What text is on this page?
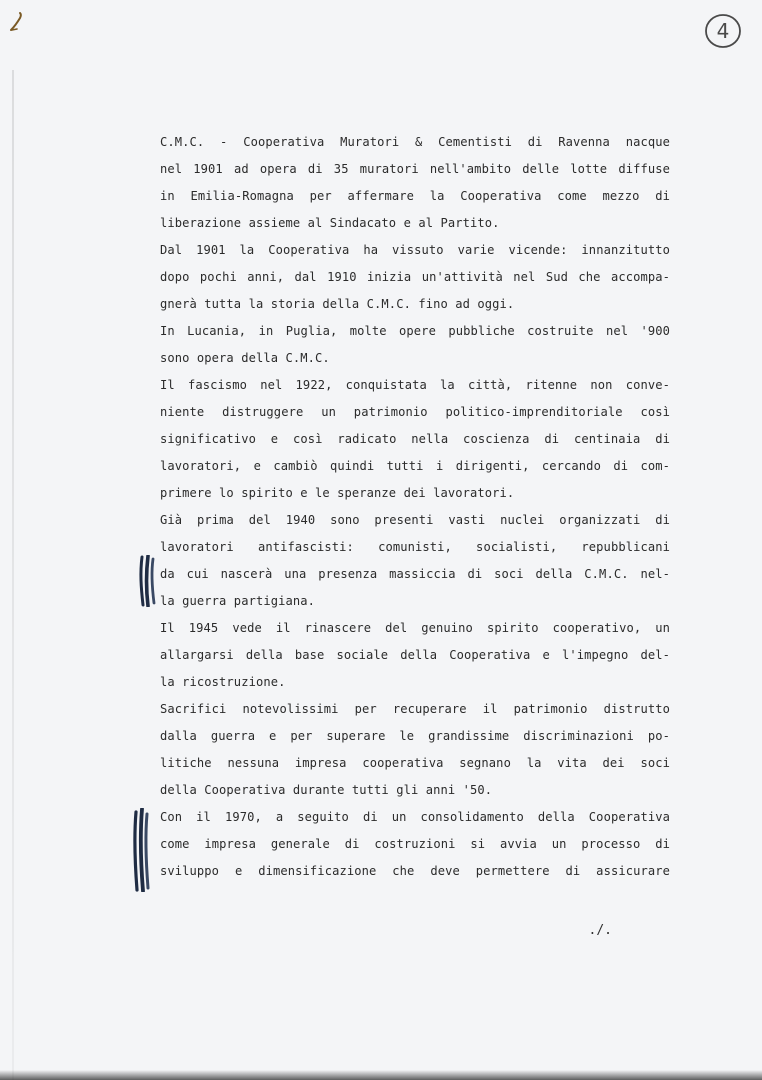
4
C.M.C. - Cooperativa Muratori & Cementisti di Ravenna nacque
nel 1901 ad opera di 35 muratori nell'ambito delle lotte diffuse
in Emilia-Romagna per affermare la Cooperativa come mezzo di
liberazione assieme al Sindacato e al Partito.
Dal 1901 la Cooperativa ha vissuto varie vicende: innanzitutto
dopo pochi anni, dal 1910 inizia un'attività nel Sud che accompa-
gnerà tutta la storia della C.M.C. fino ad oggi.
In Lucania, in Puglia, molte opere pubbliche costruite nel '900
sono opera della C.M.C.
Il fascismo nel 1922, conquistata la città, ritenne non conve-
niente distruggere un patrimonio politico-imprenditoriale così
significativo e così radicato nella coscienza di centinaia di
lavoratori, e cambiò quindi tutti i dirigenti, cercando di com-
primere lo spirito e le speranze dei lavoratori.
Già prima del 1940 sono presenti vasti nuclei organizzati di
lavoratori antifascisti: comunisti, socialisti, repubblicani
da cui nascerà una presenza massiccia di soci della C.M.C. nel-
la guerra partigiana.
Il 1945 vede il rinascere del genuino spirito cooperativo, un
allargarsi della base sociale della Cooperativa e l'impegno del-
la ricostruzione.
Sacrifici notevolissimi per recuperare il patrimonio distrutto
dalla guerra e per superare le grandissime discriminazioni po-
litiche nessuna impresa cooperativa segnano la vita dei soci
della Cooperativa durante tutti gli anni '50.
Con il 1970, a seguito di un consolidamento della Cooperativa
come impresa generale di costruzioni si avvia un processo di
sviluppo e dimensificazione che deve permettere di assicurare
./.
